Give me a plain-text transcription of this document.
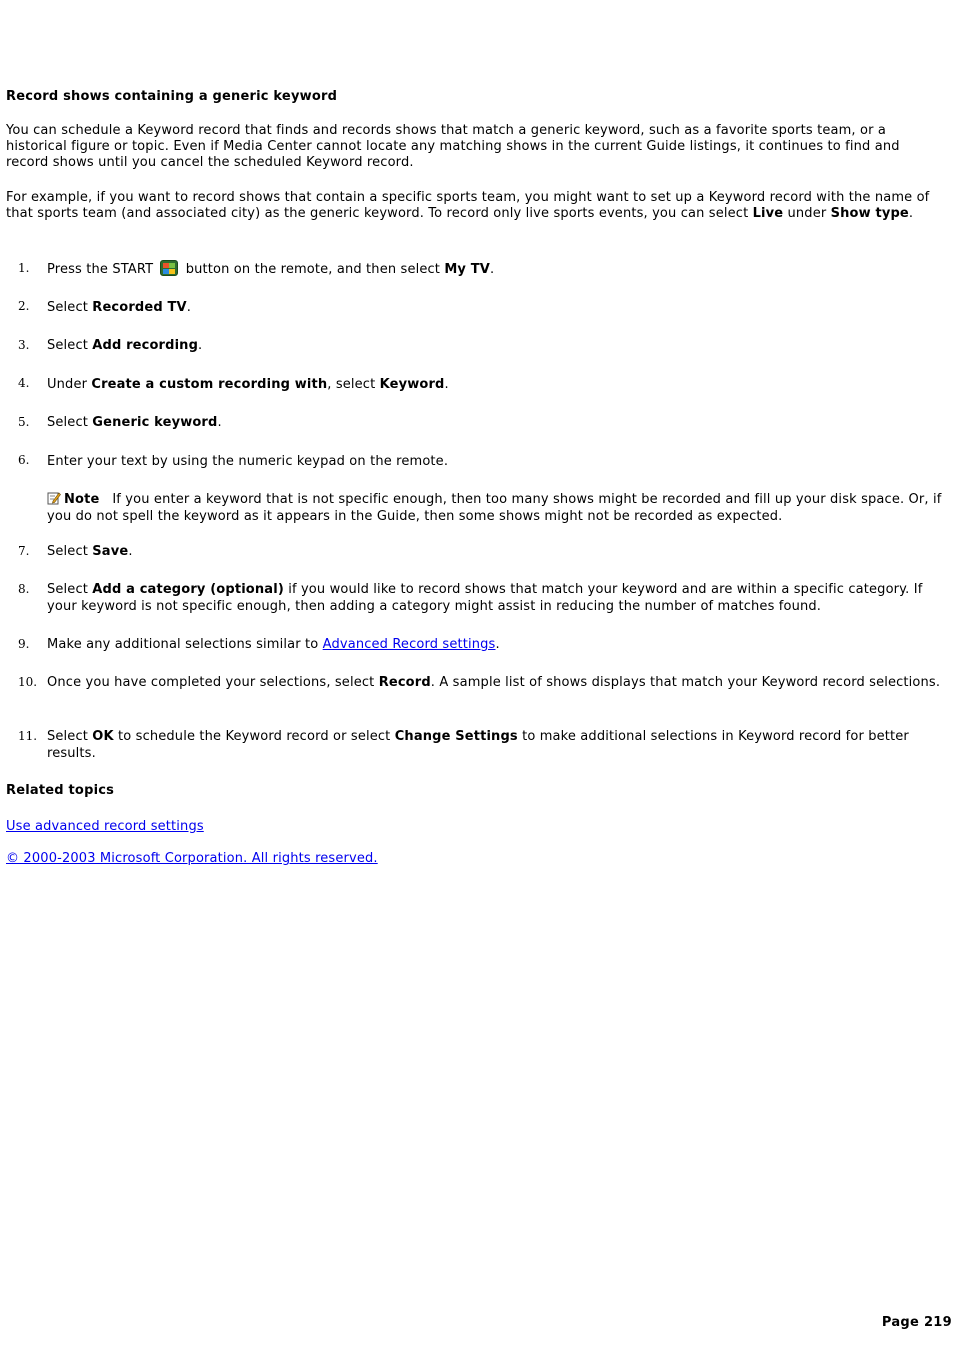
Record shows containing a generic keyword
You can schedule a Keyword record that finds and records shows that match a generic keyword, such as a favorite sports team, or a historical figure or topic. Even if Media Center cannot locate any matching shows in the current Guide listings, it continues to find and record shows until you cancel the scheduled Keyword record.
For example, if you want to record shows that contain a specific sports team, you might want to set up a Keyword record with the name of that sports team (and associated city) as the generic keyword. To record only live sports events, you can select Live under Show type.
1.	Press the START
button on the remote, and then select My TV.
2.	Select Recorded TV.
3.	Select Add recording.
4.	Under Create a custom recording with, select Keyword.
5.	Select Generic keyword.
6.	Enter your text by using the numeric keypad on the remote.
Note If you enter a keyword that is not specific enough, then too many shows might be recorded and fill up your disk space. Or, if you do not spell the keyword as it appears in the Guide, then some shows might not be recorded as expected.
7.	Select Save.
8.	Select Add a category (optional) if you would like to record shows that match your keyword and are within a specific category. If your keyword is not specific enough, then adding a category might assist in reducing the number of matches found.
9.	Make any additional selections similar to Advanced Record settings.
10. Once you have completed your selections, select Record. A sample list of shows displays that match your Keyword record selections.
11. Select OK to schedule the Keyword record or select Change Settings to make additional selections in Keyword record for better results.
Related topics
Use advanced record settings
© 2000-2003 Microsoft Corporation. All rights reserved.
Page 219
